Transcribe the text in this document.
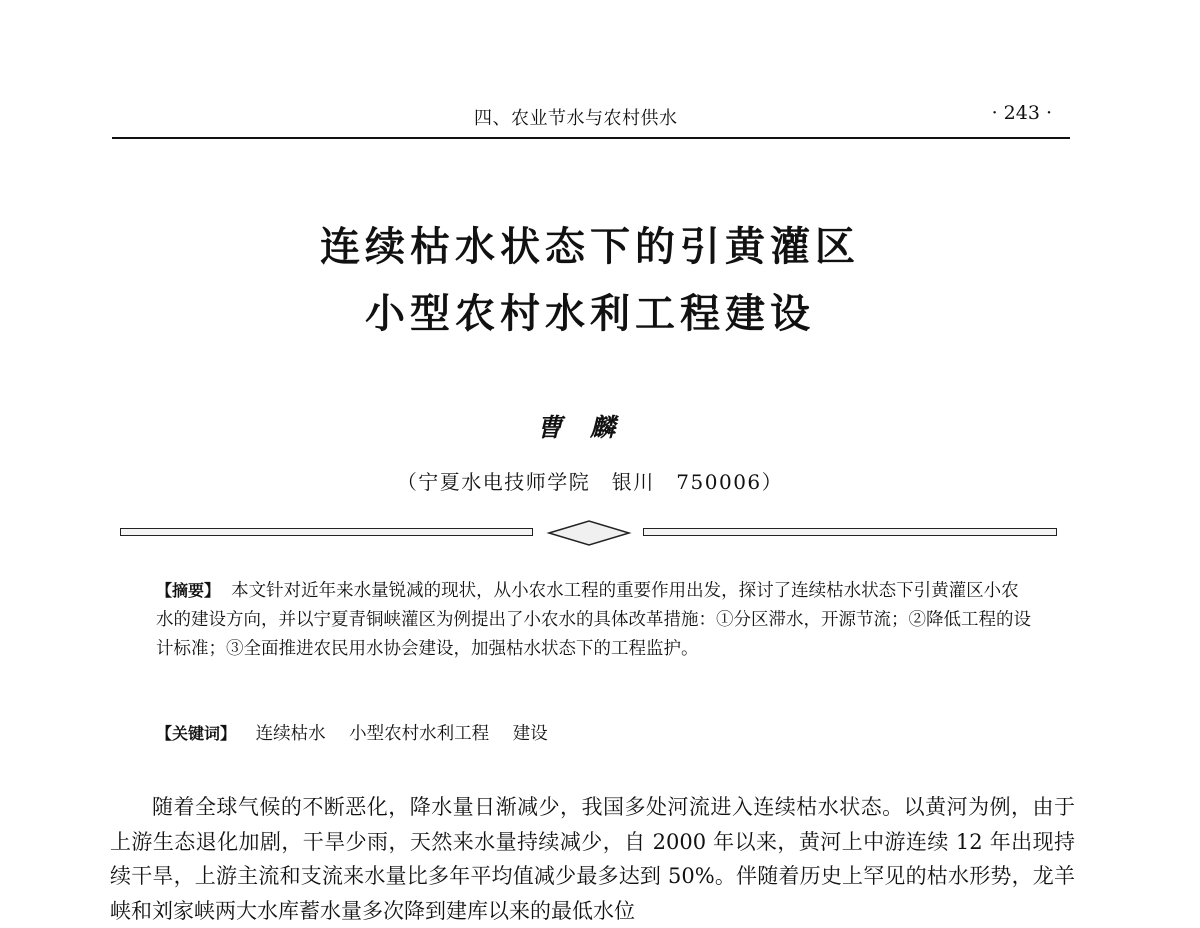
四、农业节水与农村供水	· 243 ·
连续枯水状态下的引黄灌区
小型农村水利工程建设
曹麟
（宁夏水电技师学院　银川　750006）

【摘要】 本文针对近年来水量锐减的现状，从小农水工程的重要作用出发，探讨了连续枯水状态下引黄灌区小农水的建设方向，并以宁夏青铜峡灌区为例提出了小农水的具体改革措施：①分区滞水，开源节流；②降低工程的设计标准；③全面推进农民用水协会建设，加强枯水状态下的工程监护。

【关键词】 连续枯水 小型农村水利工程 建设

随着全球气候的不断恶化，降水量日渐减少，我国多处河流进入连续枯水状态。以黄河为例，由于上游生态退化加剧，干旱少雨，天然来水量持续减少，自 2000 年以来，黄河上中游连续 12 年出现持续干旱，上游主流和支流来水量比多年平均值减少最多达到 50%。伴随着历史上罕见的枯水形势，龙羊峡和刘家峡两大水库蓄水量多次降到建库以来的最低水位
